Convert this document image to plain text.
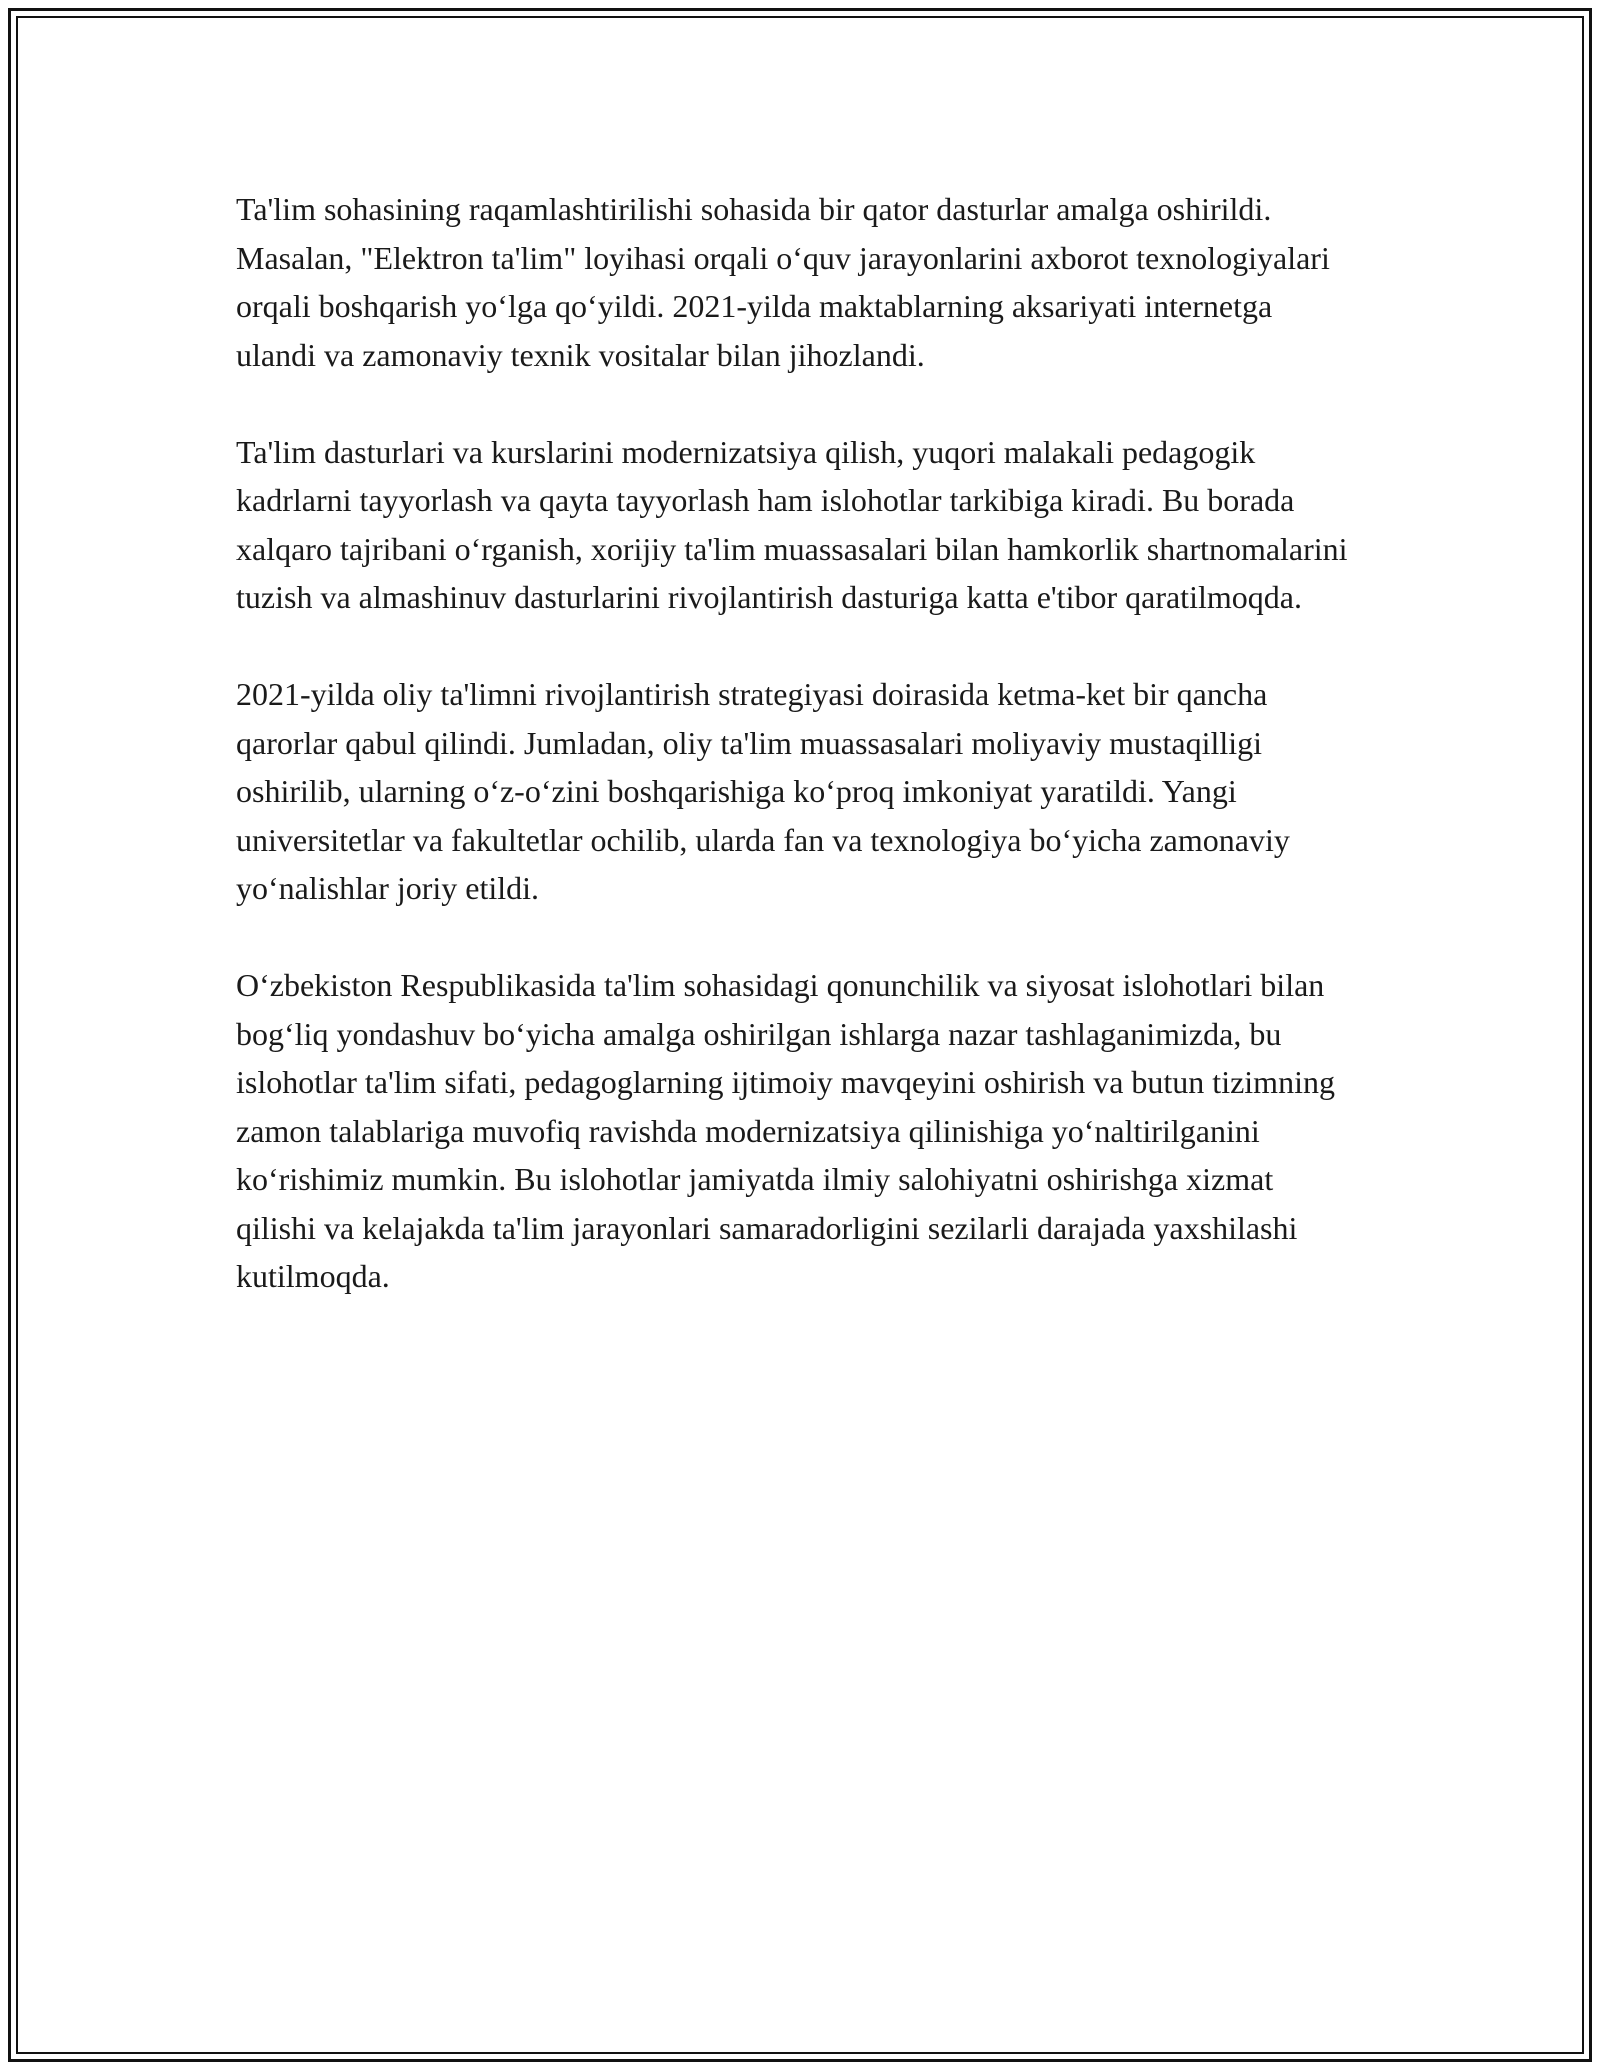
Ta'lim sohasining raqamlashtirilishi sohasida bir qator dasturlar amalga oshirildi. Masalan, "Elektron ta'lim" loyihasi orqali o‘quv jarayonlarini axborot texnologiyalari orqali boshqarish yo‘lga qo‘yildi. 2021-yilda maktablarning aksariyati internetga ulandi va zamonaviy texnik vositalar bilan jihozlandi.

Ta'lim dasturlari va kurslarini modernizatsiya qilish, yuqori malakali pedagogik kadrlarni tayyorlash va qayta tayyorlash ham islohotlar tarkibiga kiradi. Bu borada xalqaro tajribani o‘rganish, xorijiy ta'lim muassasalari bilan hamkorlik shartnomalarini tuzish va almashinuv dasturlarini rivojlantirish dasturiga katta e'tibor qaratilmoqda.

2021-yilda oliy ta'limni rivojlantirish strategiyasi doirasida ketma-ket bir qancha qarorlar qabul qilindi. Jumladan, oliy ta'lim muassasalari moliyaviy mustaqilligi oshirilib, ularning o‘z-o‘zini boshqarishiga ko‘proq imkoniyat yaratildi. Yangi universitetlar va fakultetlar ochilib, ularda fan va texnologiya bo‘yicha zamonaviy yo‘nalishlar joriy etildi.

O‘zbekiston Respublikasida ta'lim sohasidagi qonunchilik va siyosat islohotlari bilan bog‘liq yondashuv bo‘yicha amalga oshirilgan ishlarga nazar tashlaganimizda, bu islohotlar ta'lim sifati, pedagoglarning ijtimoiy mavqeyini oshirish va butun tizimning zamon talablariga muvofiq ravishda modernizatsiya qilinishiga yo‘naltirilganini ko‘rishimiz mumkin. Bu islohotlar jamiyatda ilmiy salohiyatni oshirishga xizmat qilishi va kelajakda ta'lim jarayonlari samaradorligini sezilarli darajada yaxshilashi kutilmoqda.
